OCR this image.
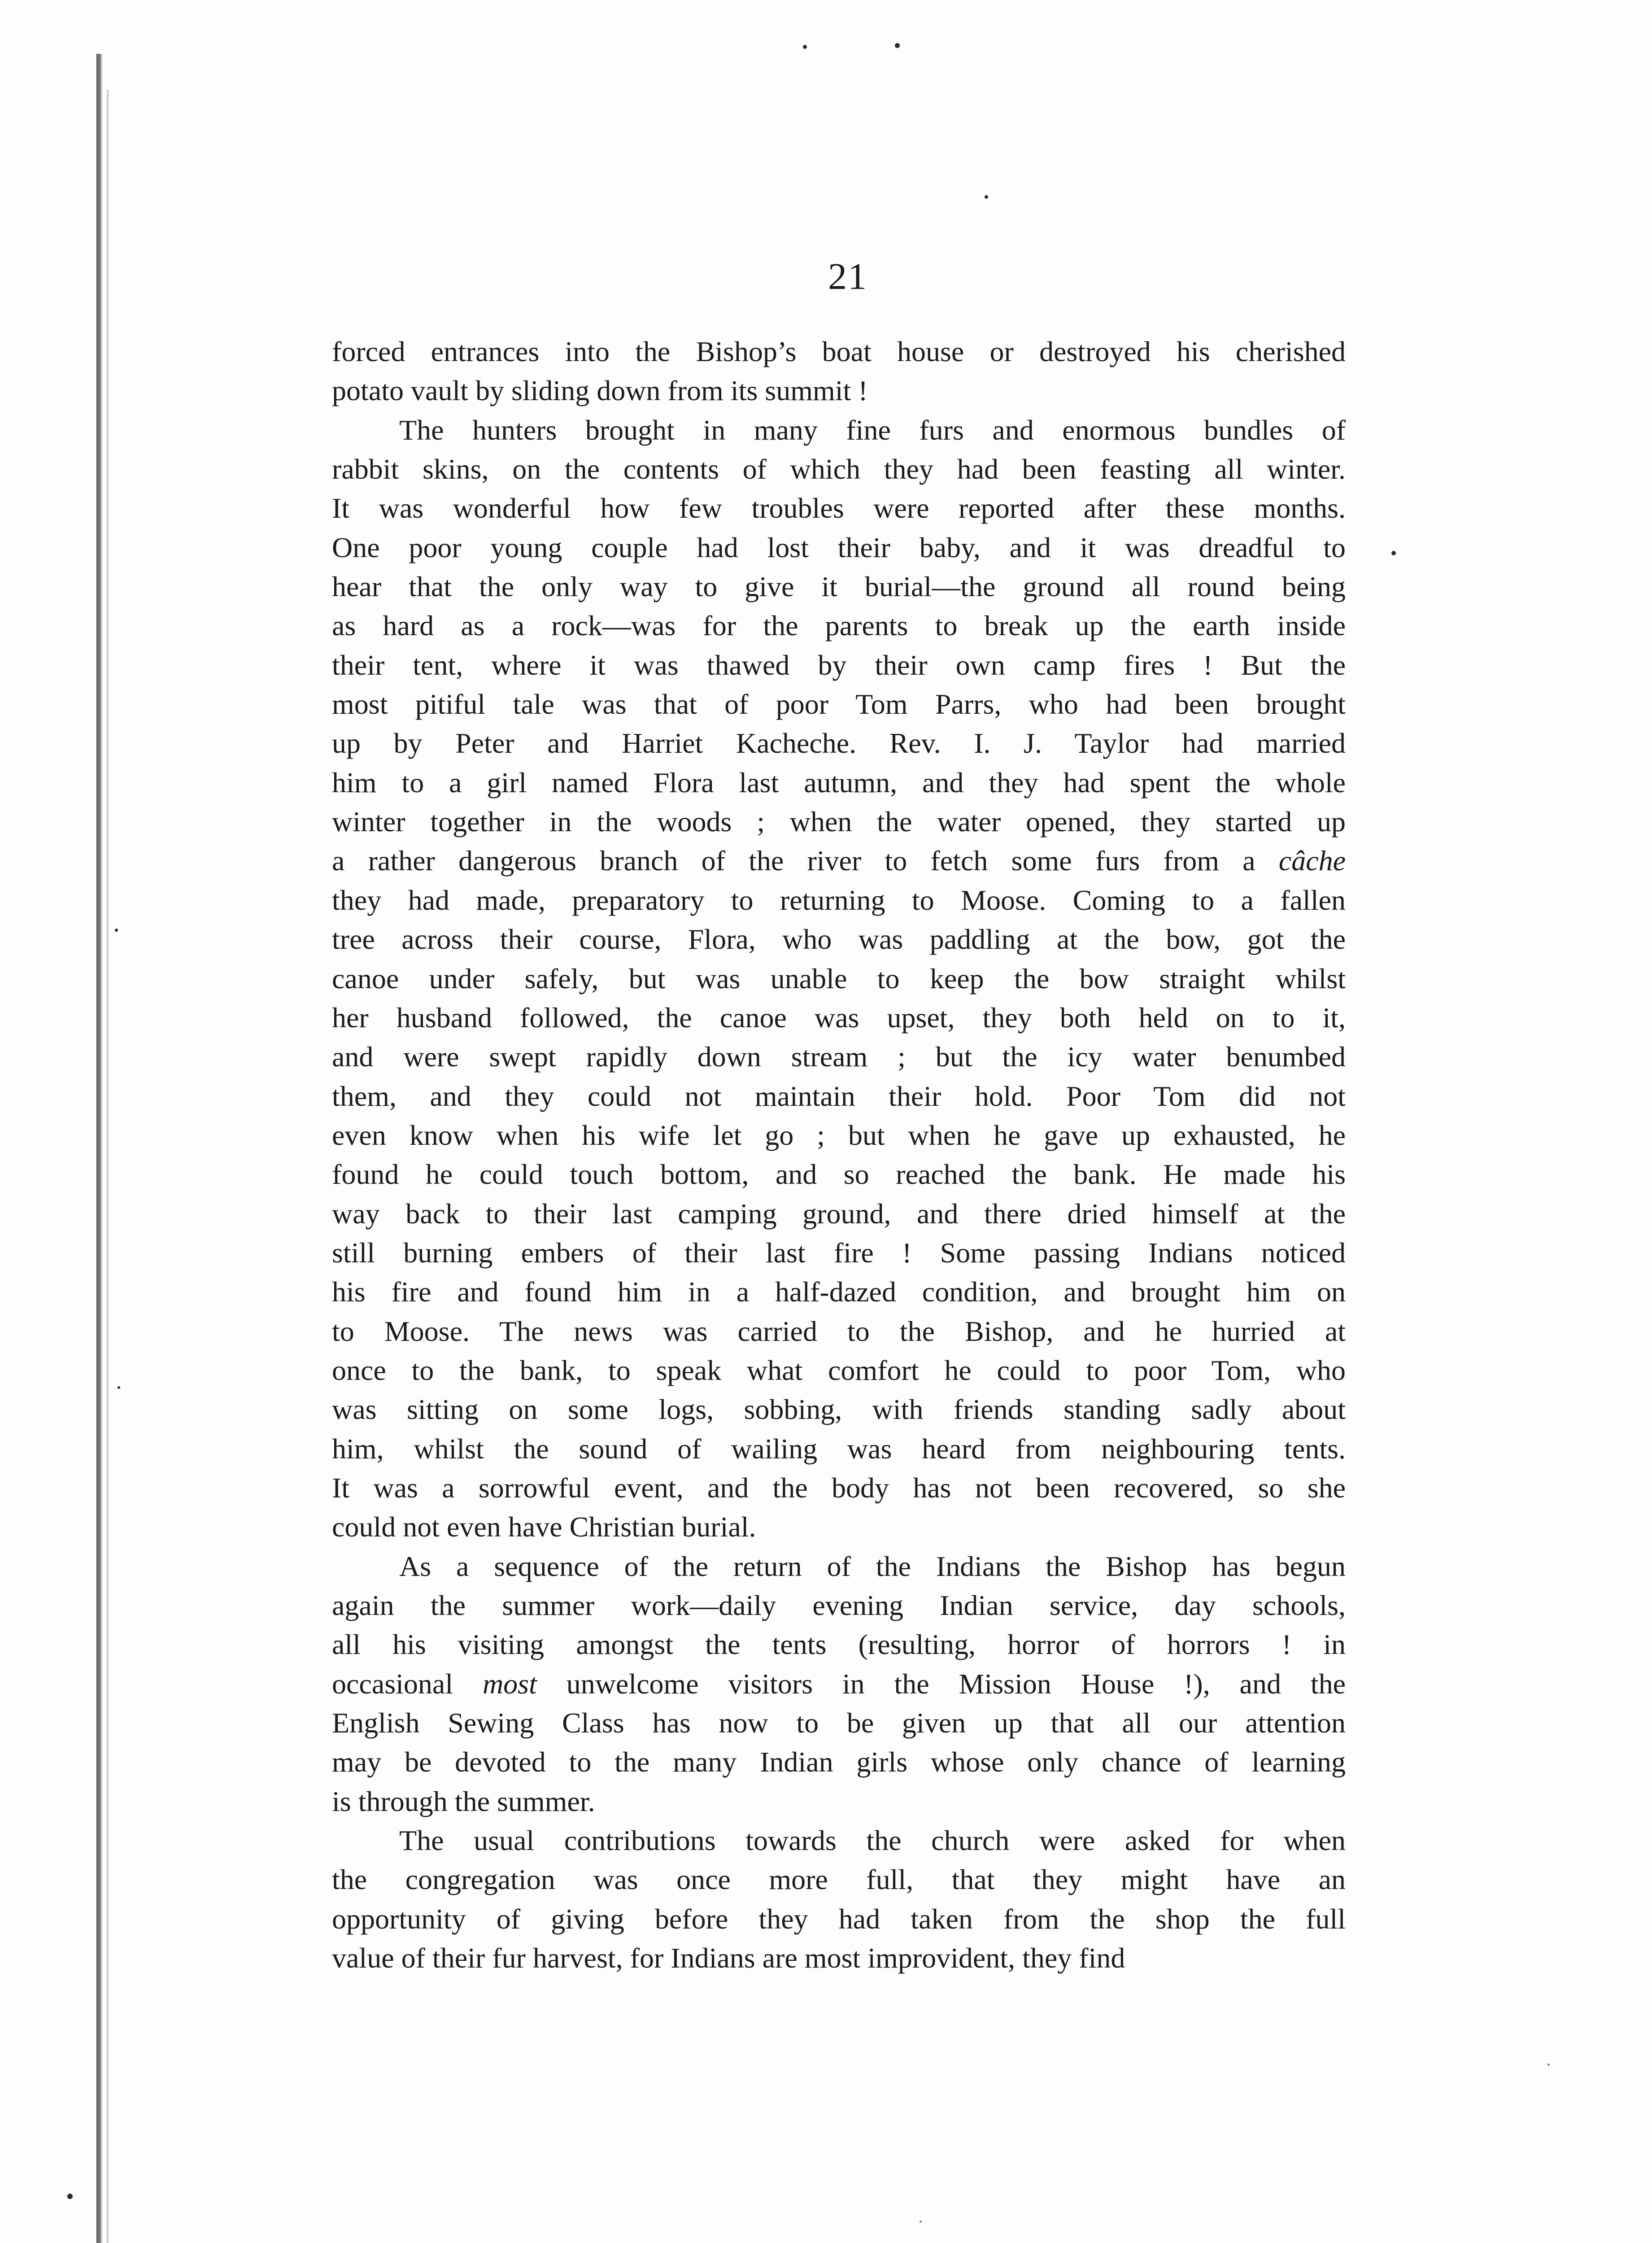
21
forced entrances into the Bishop’s boat house or destroyed his cherished
potato vault by sliding down from its summit !
The hunters brought in many fine furs and enormous bundles of
rabbit skins, on the contents of which they had been feasting all winter.
It was wonderful how few troubles were reported after these months.
One poor young couple had lost their baby, and it was dreadful to
hear that the only way to give it burial—the ground all round being
as hard as a rock—was for the parents to break up the earth inside
their tent, where it was thawed by their own camp fires ! But the
most pitiful tale was that of poor Tom Parrs, who had been brought
up by Peter and Harriet Kacheche. Rev. I. J. Taylor had married
him to a girl named Flora last autumn, and they had spent the whole
winter together in the woods ; when the water opened, they started up
a rather dangerous branch of the river to fetch some furs from a câche
they had made, preparatory to returning to Moose. Coming to a fallen
tree across their course, Flora, who was paddling at the bow, got the
canoe under safely, but was unable to keep the bow straight whilst
her husband followed, the canoe was upset, they both held on to it,
and were swept rapidly down stream ; but the icy water benumbed
them, and they could not maintain their hold. Poor Tom did not
even know when his wife let go ; but when he gave up exhausted, he
found he could touch bottom, and so reached the bank. He made his
way back to their last camping ground, and there dried himself at the
still burning embers of their last fire ! Some passing Indians noticed
his fire and found him in a half-dazed condition, and brought him on
to Moose. The news was carried to the Bishop, and he hurried at
once to the bank, to speak what comfort he could to poor Tom, who
was sitting on some logs, sobbing, with friends standing sadly about
him, whilst the sound of wailing was heard from neighbouring tents.
It was a sorrowful event, and the body has not been recovered, so she
could not even have Christian burial.
As a sequence of the return of the Indians the Bishop has begun
again the summer work—daily evening Indian service, day schools,
all his visiting amongst the tents (resulting, horror of horrors ! in
occasional most unwelcome visitors in the Mission House !), and the
English Sewing Class has now to be given up that all our attention
may be devoted to the many Indian girls whose only chance of learning
is through the summer.
The usual contributions towards the church were asked for when
the congregation was once more full, that they might have an
opportunity of giving before they had taken from the shop the full
value of their fur harvest, for Indians are most improvident, they find
